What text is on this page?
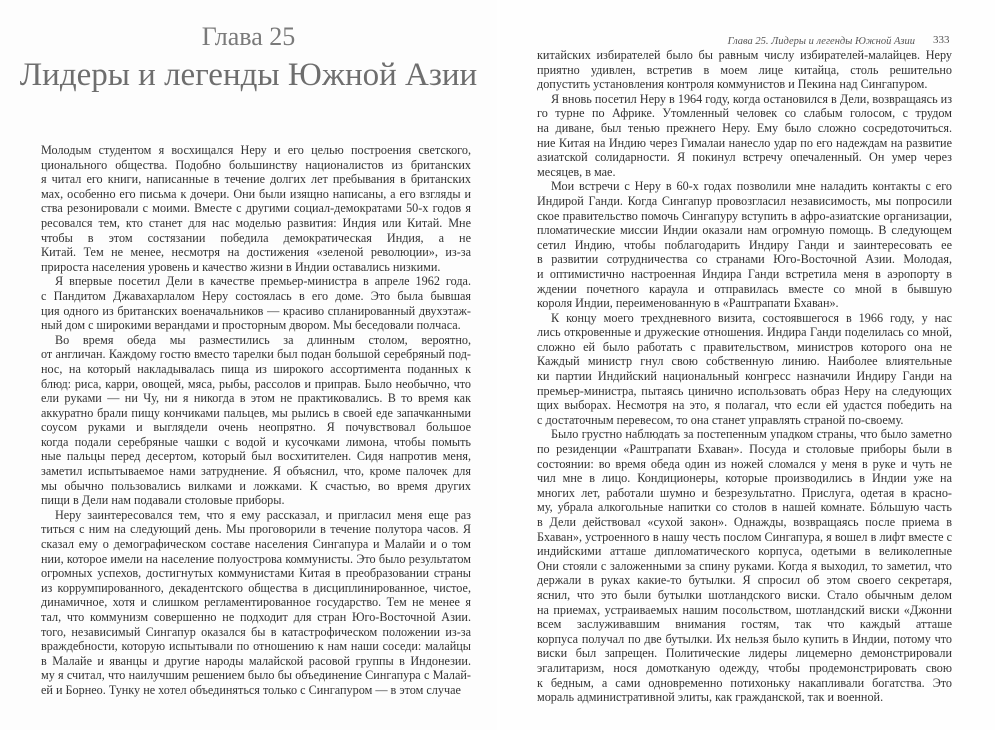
Глава 25
Лидеры и легенды Южной Азии
Молодым студентом я восхищался Неру и его целью построения светского,
ционального общества. Подобно большинству националистов из британских
я читал его книги, написанные в течение долгих лет пребывания в британских
мах, особенно его письма к дочери. Они были изящно написаны, а его взгляды и
ства резонировали с моими. Вместе с другими социал-демократами 50-х годов я
ресовался тем, кто станет для нас моделью развития: Индия или Китай. Мне
чтобы в этом состязании победила демократическая Индия, а не
Китай. Тем не менее, несмотря на достижения «зеленой революции», из-за
прироста населения уровень и качество жизни в Индии оставались низкими.
Я впервые посетил Дели в качестве премьер-министра в апреле 1962 года.
с Пандитом Джавахарлалом Неру состоялась в его доме. Это была бывшая
ция одного из британских военачальников — красиво спланированный двухэтаж-
ный дом с широкими верандами и просторным двором. Мы беседовали полчаса.
Во время обеда мы разместились за длинным столом, вероятно,
от англичан. Каждому гостю вместо тарелки был подан большой серебряный под-
нос, на который накладывалась пища из широкого ассортимента поданных к
блюд: риса, карри, овощей, мяса, рыбы, рассолов и приправ. Было необычно, что
ели руками — ни Чу, ни я никогда в этом не практиковались. В то время как
аккуратно брали пищу кончиками пальцев, мы рылись в своей еде запачканными
соусом руками и выглядели очень неопрятно. Я почувствовал большое
когда подали серебряные чашки с водой и кусочками лимона, чтобы помыть
ные пальцы перед десертом, который был восхитителен. Сидя напротив меня,
заметил испытываемое нами затруднение. Я объяснил, что, кроме палочек для
мы обычно пользовались вилками и ложками. К счастью, во время других
пищи в Дели нам подавали столовые приборы.
Неру заинтересовался тем, что я ему рассказал, и пригласил меня еще раз
титься с ним на следующий день. Мы проговорили в течение полутора часов. Я
сказал ему о демографическом составе населения Сингапура и Малайи и о том
нии, которое имели на население полуострова коммунисты. Это было результатом
огромных успехов, достигнутых коммунистами Китая в преобразовании страны
из коррумпированного, декадентского общества в дисциплинированное, чистое,
динамичное, хотя и слишком регламентированное государство. Тем не менее я
тал, что коммунизм совершенно не подходит для стран Юго-Восточной Азии.
того, независимый Сингапур оказался бы в катастрофическом положении из-за
враждебности, которую испытывали по отношению к нам наши соседи: малайцы
в Малайе и яванцы и другие народы малайской расовой группы в Индонезии.
му я считал, что наилучшим решением было бы объединение Сингапура с Малай-
ей и Борнео. Тунку не хотел объединяться только с Сингапуром — в этом случае
Глава 25. Лидеры и легенды Южной Азии 333
китайских избирателей было бы равным числу избирателей-малайцев. Неру
приятно удивлен, встретив в моем лице китайца, столь решительно
допустить установления контроля коммунистов и Пекина над Сингапуром.
Я вновь посетил Неру в 1964 году, когда остановился в Дели, возвращаясь из
го турне по Африке. Утомленный человек со слабым голосом, с трудом
на диване, был тенью прежнего Неру. Ему было сложно сосредоточиться.
ние Китая на Индию через Гималаи нанесло удар по его надеждам на развитие
азиатской солидарности. Я покинул встречу опечаленный. Он умер через
месяцев, в мае.
Мои встречи с Неру в 60-х годах позволили мне наладить контакты с его
Индирой Ганди. Когда Сингапур провозгласил независимость, мы попросили
ское правительство помочь Сингапуру вступить в афро-азиатские организации,
пломатические миссии Индии оказали нам огромную помощь. В следующем
сетил Индию, чтобы поблагодарить Индиру Ганди и заинтересовать ее
в развитии сотрудничества со странами Юго-Восточной Азии. Молодая,
и оптимистично настроенная Индира Ганди встретила меня в аэропорту в
ждении почетного караула и отправилась вместе со мной в бывшую
короля Индии, переименованную в «Раштрапати Бхаван».
К концу моего трехдневного визита, состоявшегося в 1966 году, у нас
лись откровенные и дружеские отношения. Индира Ганди поделилась со мной,
сложно ей было работать с правительством, министров которого она не
Каждый министр гнул свою собственную линию. Наиболее влиятельные
ки партии Индийский национальный конгресс назначили Индиру Ганди на
премьер-министра, пытаясь цинично использовать образ Неру на следующих
щих выборах. Несмотря на это, я полагал, что если ей удастся победить на
с достаточным перевесом, то она станет управлять страной по-своему.
Было грустно наблюдать за постепенным упадком страны, что было заметно
по резиденции «Раштрапати Бхаван». Посуда и столовые приборы были в
состоянии: во время обеда один из ножей сломался у меня в руке и чуть не
чил мне в лицо. Кондиционеры, которые производились в Индии уже на
многих лет, работали шумно и безрезультатно. Прислуга, одетая в красно-
му, убрала алкогольные напитки со столов в нашей комнате. Бóльшую часть
в Дели действовал «сухой закон». Однажды, возвращаясь после приема в
Бхаван», устроенного в нашу честь послом Сингапура, я вошел в лифт вместе с
индийскими атташе дипломатического корпуса, одетыми в великолепные
Они стояли с заложенными за спину руками. Когда я выходил, то заметил, что
держали в руках какие-то бутылки. Я спросил об этом своего секретаря,
яснил, что это были бутылки шотландского виски. Стало обычным делом
на приемах, устраиваемых нашим посольством, шотландский виски «Джонни
всем заслуживавшим внимания гостям, так что каждый атташе
корпуса получал по две бутылки. Их нельзя было купить в Индии, потому что
виски был запрещен. Политические лидеры лицемерно демонстрировали
эгалитаризм, нося домотканую одежду, чтобы продемонстрировать свою
к бедным, а сами одновременно потихоньку накапливали богатства. Это
мораль административной элиты, как гражданской, так и военной.
